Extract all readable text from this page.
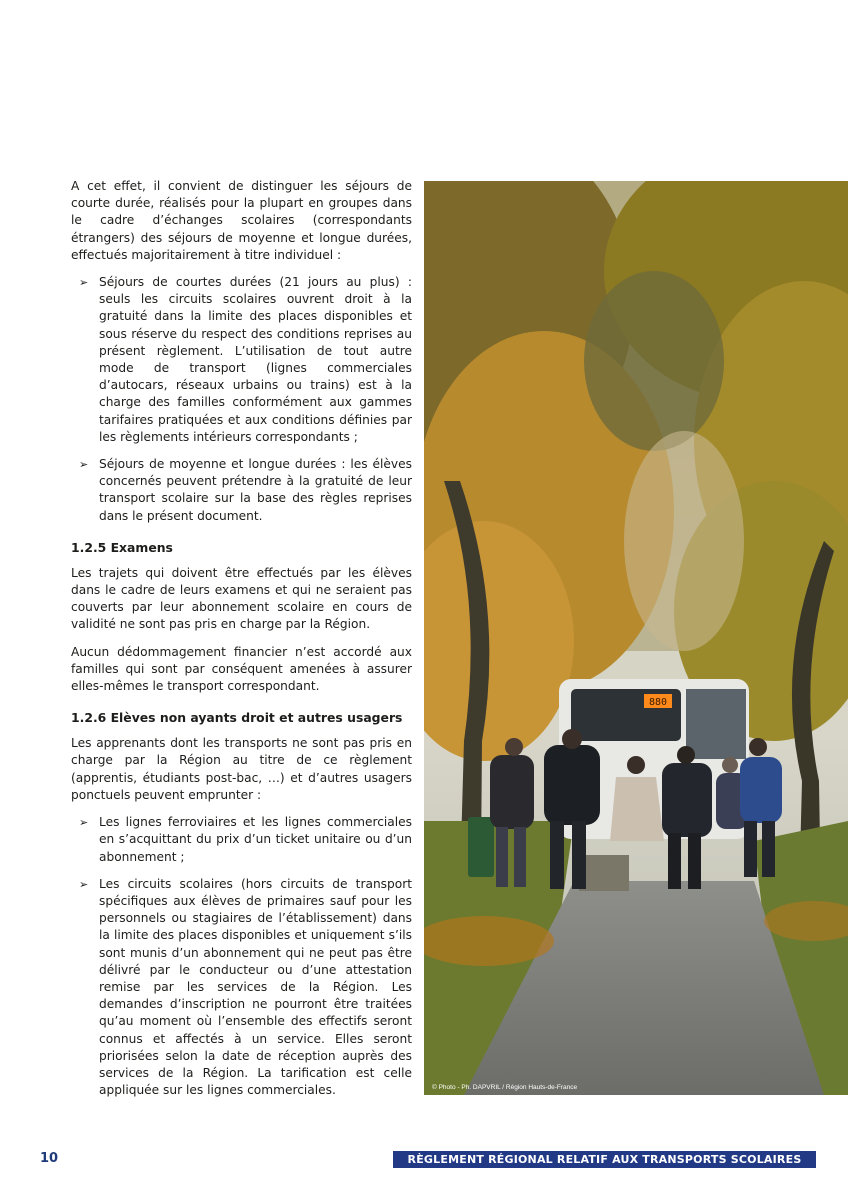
A cet effet, il convient de distinguer les séjours de courte durée, réalisés pour la plupart en groupes dans le cadre d’échanges scolaires (correspondants étrangers) des séjours de moyenne et longue durées, effectués majoritairement à titre individuel :

➢ Séjours de courtes durées (21 jours au plus) : seuls les circuits scolaires ouvrent droit à la gratuité dans la limite des places disponibles et sous réserve du respect des conditions reprises au présent règlement. L’utilisation de tout autre mode de transport (lignes commerciales d’autocars, réseaux urbains ou trains) est à la charge des familles conformément aux gammes tarifaires pratiquées et aux conditions définies par les règlements intérieurs correspondants ;
➢ Séjours de moyenne et longue durées : les élèves concernés peuvent prétendre à la gratuité de leur transport scolaire sur la base des règles reprises dans le présent document.
1.2.5 Examens

Les trajets qui doivent être effectués par les élèves dans le cadre de leurs examens et qui ne seraient pas couverts par leur abonnement scolaire en cours de validité ne sont pas pris en charge par la Région.

Aucun dédommagement financier n’est accordé aux familles qui sont par conséquent amenées à assurer elles-mêmes le transport correspondant.

1.2.6 Elèves non ayants droit et autres usagers

Les apprenants dont les transports ne sont pas pris en charge par la Région au titre de ce règlement (apprentis, étudiants post-bac, …) et d’autres usagers ponctuels peuvent emprunter :

➢ Les lignes ferroviaires et les lignes commerciales en s’acquittant du prix d’un ticket unitaire ou d’un abonnement ;
➢ Les circuits scolaires (hors circuits de transport spécifiques aux élèves de primaires sauf pour les personnels ou stagiaires de l’établissement) dans la limite des places disponibles et uniquement s’ils sont munis d’un abonnement qui ne peut pas être délivré par le conducteur ou d’une attestation remise par les services de la Région. Les demandes d’inscription ne pourront être traitées qu’au moment où l’ensemble des effectifs seront connus et affectés à un service. Elles seront priorisées selon la date de réception auprès des services de la Région. La tarification est celle appliquée sur les lignes commerciales.
880
© Photo - Ph. DAPVRIL / Région Hauts-de-France
10	RÈGLEMENT RÉGIONAL RELATIF AUX TRANSPORTS SCOLAIRES
